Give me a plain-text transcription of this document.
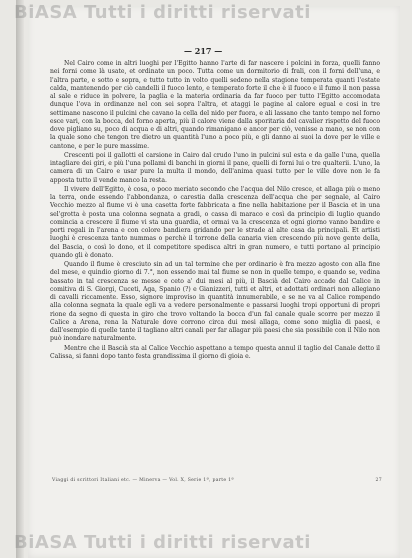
BiASA Tutti i diritti riservati
— 217 —

Nel Cairo come in altri luoghi per l'Egitto hanno l'arte di far nascere i polcini in forza, quelli fanno nei forni come là usate, et ordinate un poco. Tutta come un dormitorio di frali, con il forni dell'una, e l'altra parte, e sotto e sopra, e tutto tutto in volto quelli sedeno nella stagione temperata quanti l'estate calda, mantenendo per ciò candelli il fuoco lento, e temperato forte il che è il fuoco e il fumo il non passa al sale e riduce in polvere, la paglia e la materia ordinaria da far fuoco per tutto l'Egitto accomodata dunque l'ova in ordinanze nel con sei sopra l'altra, et ataggi le pagine al calore egual e cosi in tre settimane nascono il pulcini che cavano la cella del nido per fuora, e ali lassano che tanto tempo nel forno esce vari, con la bocca, del forno aperta, più il calore viene dalla sporitaria del cavalier rispetto del fuoco dove pigliano su, poco di acqua e di altri, quando rimanigano e ancor per ciò, venisse a mano, se non con la quale sono che tengon tre dietro un quantità l'uno a poco più, e gli danno ai suoi la dove per le ville e cantone, e per le pure massime.

Crescenti poi il gallotti el carsione in Cairo dal crudo l'uno in pulcini sul esta e da galle l'una, quella intagliare dei giri, e più l'una pollami di banchi in giorni il pane, quelli di forni lui o tre qualterii. L'uno, la camera di un Cairo e usar pure la multa il mondo, dell'anima quasi tutto per le ville dove non le fa apposta tutto il vende manco la resta.

Il vivere dell'Egitto, è cosa, o poco meriato secondo che l'acqua del Nilo cresce, et allaga più o meno la terra, onde essendo l'abbondanza, o carestia dalla crescenza dell'acqua che per segnale, al Cairo Vecchio mezzo al fiume vi è una casetta forte fabbricata a fine nella habitazione per il Bascia et in una sel'grotta è posta una colonna segnata a gradi, o cassa di maraco e così da principio di luglio quando comincia a crescere il fiume vi sta una guardia, et ormai va la crescenza et ogni giorno vanno bandire e porti regali in l'arena e con colore bandiera gridando per le strade al alte casa da principali. Et artisti luoghi è crescenza tanto nummas o perchè il torrone della canaria vien crescendo più nove gente della, del Bascia, o così lo dono, et il competitore spedisca altri in gran numero, e tutti portano al principio quando gli è donato.

Quando il fiume è cresciuto sin ad un tal termine che per ordinario è fra mezzo agosto con alla fine del mese, e quindio giorno di 7.°, non essendo mai tal fiume se non in quelle tempo, e quando se, vedina bassato in tal crescenza se messe e ceto a' dui mesi al più, il Bascià del Cairo accade dal Calice in comitiva di S. Giorgi, Cuceti, Aga, Spanio (?) e Gianizzeri, tutti et altri, et adottati ordinari non allegiano di cavalli riccamente. Esso, signore improviso in quantità innumerabile, e se ne va al Calice rompendo alla colonna segnata la quale egli va a vedere personalmente e passarsi luoghi tropi opportuni di propri rione da segno di questa in giro che trovo voltando la bocca d'un fal canale quale scorre per mezzo il Calice a Arena, rena la Naturale dove corrono circa dui mesi allaga, come sono miglia di paesi, e dall'esempio di quelle tante il tagliano altri canali per far allagar più paesi che sia possibile con il Nilo non può inondare naturalmente.

Mentre che il Bascià sta al Calice Vecchio aspettano a tempo questa annul il taglio del Canale detto il Calissa, si fanni dopo tanto festa grandissima il giorno di gioia e.

Viaggi di scrittori Italiani etc. — Minerva — Vol. X, Serie 1ª, parte 1ª	27
BiASA Tutti i diritti riservati
